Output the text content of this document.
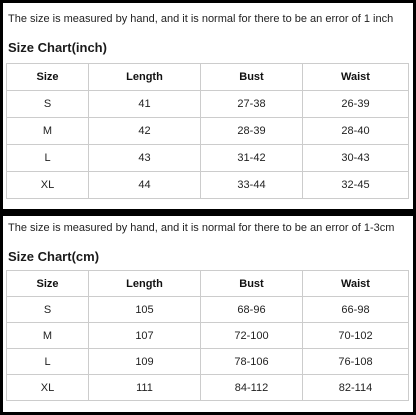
The size is measured by hand, and it is normal for there to be an error of 1 inch
Size Chart(inch)
Size	Length	Bust	Waist
S	41	27-38	26-39
M	42	28-39	28-40
L	43	31-42	30-43
XL	44	33-44	32-45
The size is measured by hand, and it is normal for there to be an error of 1-3cm
Size Chart(cm)
Size	Length	Bust	Waist
S	105	68-96	66-98
M	107	72-100	70-102
L	109	78-106	76-108
XL	111	84-112	82-114
